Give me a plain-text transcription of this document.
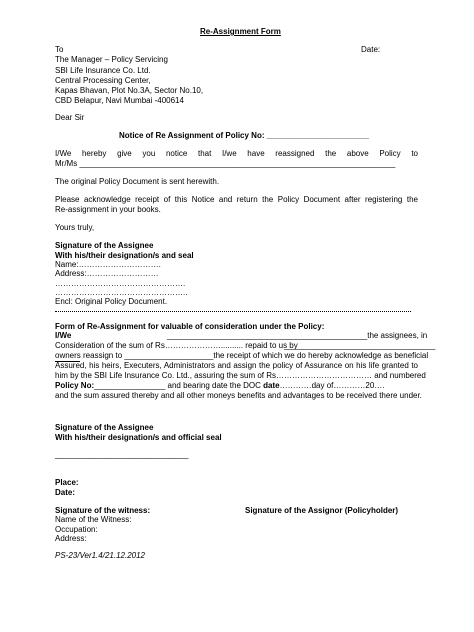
Re-Assignment Form
To	Date:
The Manager – Policy Servicing
SBI Life Insurance Co. Ltd.
Central Processing Center,
Kapas Bhavan, Plot No.3A, Sector No.10,
CBD Belapur, Navi Mumbai -400614
Dear Sir
Notice of Re Assignment of Policy No: _______________________
I/We hereby give you notice that I/we have reassigned the above Policy to
Mr/Ms _______________________________________________________________________
The original Policy Document is sent herewith.
Please acknowledge receipt of this Notice and return the Policy Document after registering the
Re-assignment in your books.
Yours truly,
Signature of the Assignee
With his/their designation/s and seal
Name:………………………….
Address:………………………
………………………………………….
…………………………………………..
Encl: Original Policy Document.
Form of Re-Assignment for valuable of consideration under the Policy:
I/We	_____________________________________________the assignees, in
Consideration of the sum of Rs………………….......... repaid to us by
__________________________________
owners reassign to ____________________the receipt of which we do hereby acknowledge as beneficial
Assured, his heirs, Executers, Administrators and assign the policy of Assurance on his life granted to
him by the SBI Life Insurance Co. Ltd., assuring the sum of Rs……………………………… and numbered
Policy No:________________ and bearing date the DOC date…………day of…………20….
and the sum assured thereby and all other moneys benefits and advantages to be received there under.
Signature of the Assignee
With his/their designation/s and official seal
______________________________
Place:
Date:
Signature of the witness:
Name of the Witness:
Occupation:
Address:
Signature of the Assignor (Policyholder)
PS-23/Ver1.4/21.12.2012
